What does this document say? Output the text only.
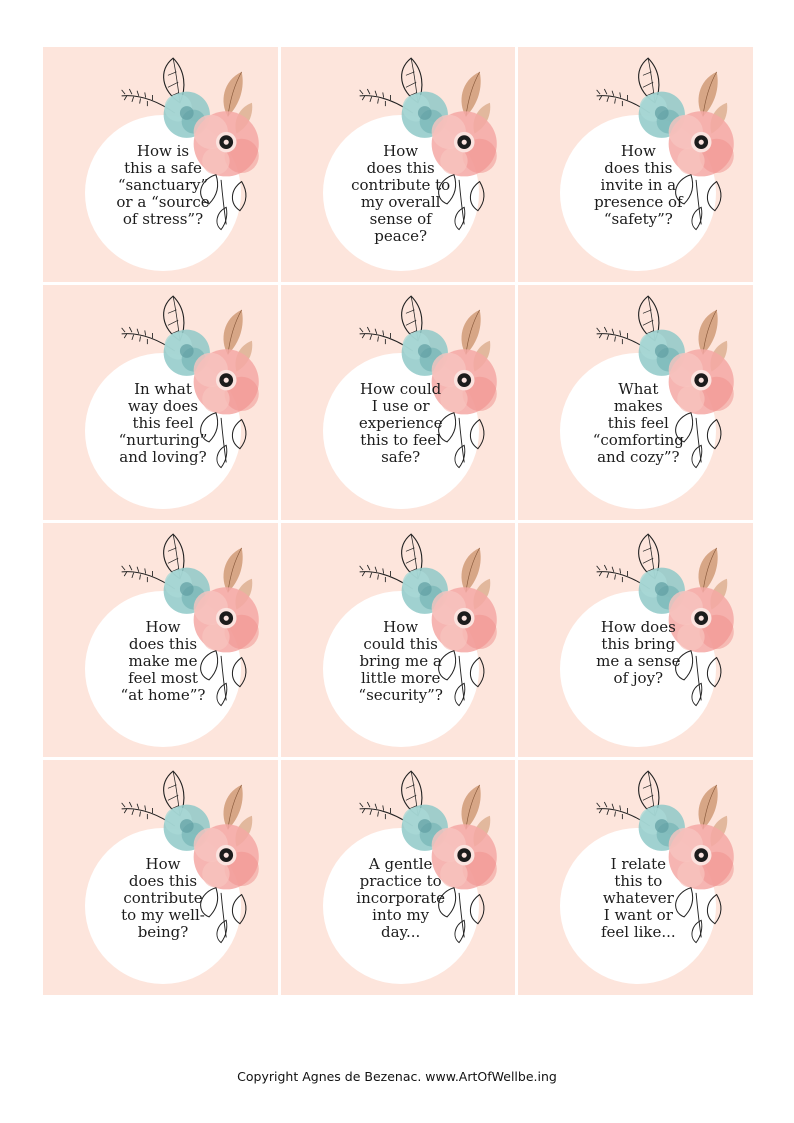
How is
this a safe
“sanctuary”
or a “source
of stress”?
How
does this
contribute to
my overall
sense of
peace?
How
does this
invite in a
presence of
“safety”?
In what
way does
this feel
“nurturing”
and loving?
How could
I use or
experience
this to feel
safe?
What
makes
this feel
“comforting
and cozy”?
How
does this
make me
feel most
“at home”?
How
could this
bring me a
little more
“security”?
How does
this bring
me a sense
of joy?
How
does this
contribute
to my well-
being?
A gentle
practice to
incorporate
into my
day...
I relate
this to
whatever
I want or
feel like...
Copyright Agnes de Bezenac. www.ArtOfWellbe.ing
